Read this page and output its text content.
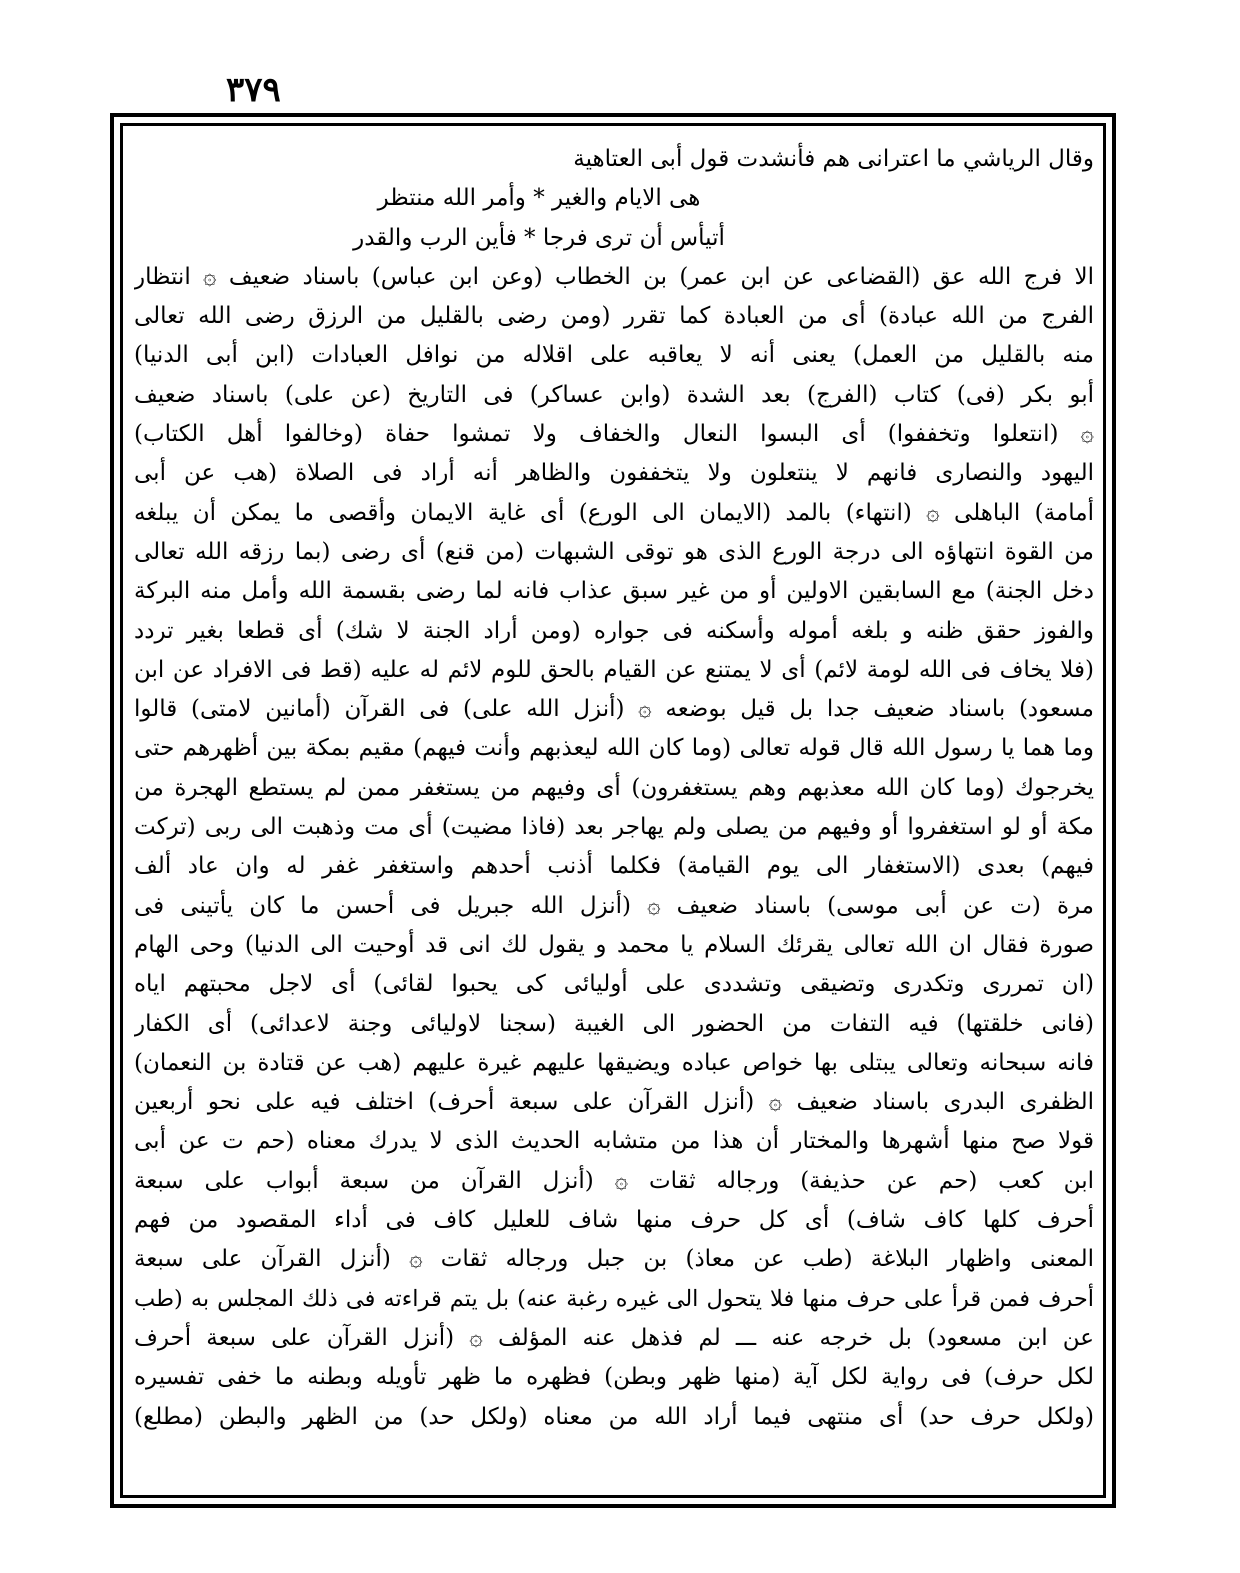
٣٧٩
وقال الرياشي ما اعترانى هم فأنشدت قول أبى العتاهية
هى الايام والغير * وأمر الله منتظر
أتيأس أن ترى فرجا * فأين الرب والقدر
الا فرج الله عق (القضاعى عن ابن عمر) بن الخطاب (وعن ابن عباس) باسناد ضعيف ۞ انتظار
الفرج من الله عبادة) أى من العبادة كما تقرر (ومن رضى بالقليل من الرزق رضى الله تعالى
منه بالقليل من العمل) يعنى أنه لا يعاقبه على اقلاله من نوافل العبادات (ابن أبى الدنيا)
أبو بكر (فى) كتاب (الفرج) بعد الشدة (وابن عساكر) فى التاريخ (عن على) باسناد ضعيف
۞ (انتعلوا وتخففوا) أى البسوا النعال والخفاف ولا تمشوا حفاة (وخالفوا أهل الكتاب)
اليهود والنصارى فانهم لا ينتعلون ولا يتخففون والظاهر أنه أراد فى الصلاة (هب عن أبى
أمامة) الباهلى ۞ (انتهاء) بالمد (الايمان الى الورع) أى غاية الايمان وأقصى ما يمكن أن يبلغه
من القوة انتهاؤه الى درجة الورع الذى هو توقى الشبهات (من قنع) أى رضى (بما رزقه الله تعالى
دخل الجنة) مع السابقين الاولين أو من غير سبق عذاب فانه لما رضى بقسمة الله وأمل منه البركة
والفوز حقق ظنه و بلغه أموله وأسكنه فى جواره (ومن أراد الجنة لا شك) أى قطعا بغير تردد
(فلا يخاف فى الله لومة لائم) أى لا يمتنع عن القيام بالحق للوم لائم له عليه (قط فى الافراد عن ابن
مسعود) باسناد ضعيف جدا بل قيل بوضعه ۞ (أنزل الله على) فى القرآن (أمانين لامتى) قالوا
وما هما يا رسول الله قال قوله تعالى (وما كان الله ليعذبهم وأنت فيهم) مقيم بمكة بين أظهرهم حتى
يخرجوك (وما كان الله معذبهم وهم يستغفرون) أى وفيهم من يستغفر ممن لم يستطع الهجرة من
مكة أو لو استغفروا أو وفيهم من يصلى ولم يهاجر بعد (فاذا مضيت) أى مت وذهبت الى ربى (تركت
فيهم) بعدى (الاستغفار الى يوم القيامة) فكلما أذنب أحدهم واستغفر غفر له وان عاد ألف
مرة (ت عن أبى موسى) باسناد ضعيف ۞ (أنزل الله جبريل فى أحسن ما كان يأتينى فى
صورة فقال ان الله تعالى يقرئك السلام يا محمد و يقول لك انى قد أوحيت الى الدنيا) وحى الهام
(ان تمررى وتكدرى وتضيقى وتشددى على أوليائى كى يحبوا لقائى) أى لاجل محبتهم اياه
(فانى خلقتها) فيه التفات من الحضور الى الغيبة (سجنا لاوليائى وجنة لاعدائى) أى الكفار
فانه سبحانه وتعالى يبتلى بها خواص عباده ويضيقها عليهم غيرة عليهم (هب عن قتادة بن النعمان)
الظفرى البدرى باسناد ضعيف ۞ (أنزل القرآن على سبعة أحرف) اختلف فيه على نحو أربعين
قولا صح منها أشهرها والمختار أن هذا من متشابه الحديث الذى لا يدرك معناه (حم ت عن أبى
ابن كعب (حم عن حذيفة) ورجاله ثقات ۞ (أنزل القرآن من سبعة أبواب على سبعة
أحرف كلها كاف شاف) أى كل حرف منها شاف للعليل كاف فى أداء المقصود من فهم
المعنى واظهار البلاغة (طب عن معاذ) بن جبل ورجاله ثقات ۞ (أنزل القرآن على سبعة
أحرف فمن قرأ على حرف منها فلا يتحول الى غيره رغبة عنه) بل يتم قراءته فى ذلك المجلس به (طب
عن ابن مسعود) بل خرجه عنه ـــ لم فذهل عنه المؤلف ۞ (أنزل القرآن على سبعة أحرف
لكل حرف) فى رواية لكل آية (منها ظهر وبطن) فظهره ما ظهر تأويله وبطنه ما خفى تفسيره
(ولكل حرف حد) أى منتهى فيما أراد الله من معناه (ولكل حد) من الظهر والبطن (مطلع)
